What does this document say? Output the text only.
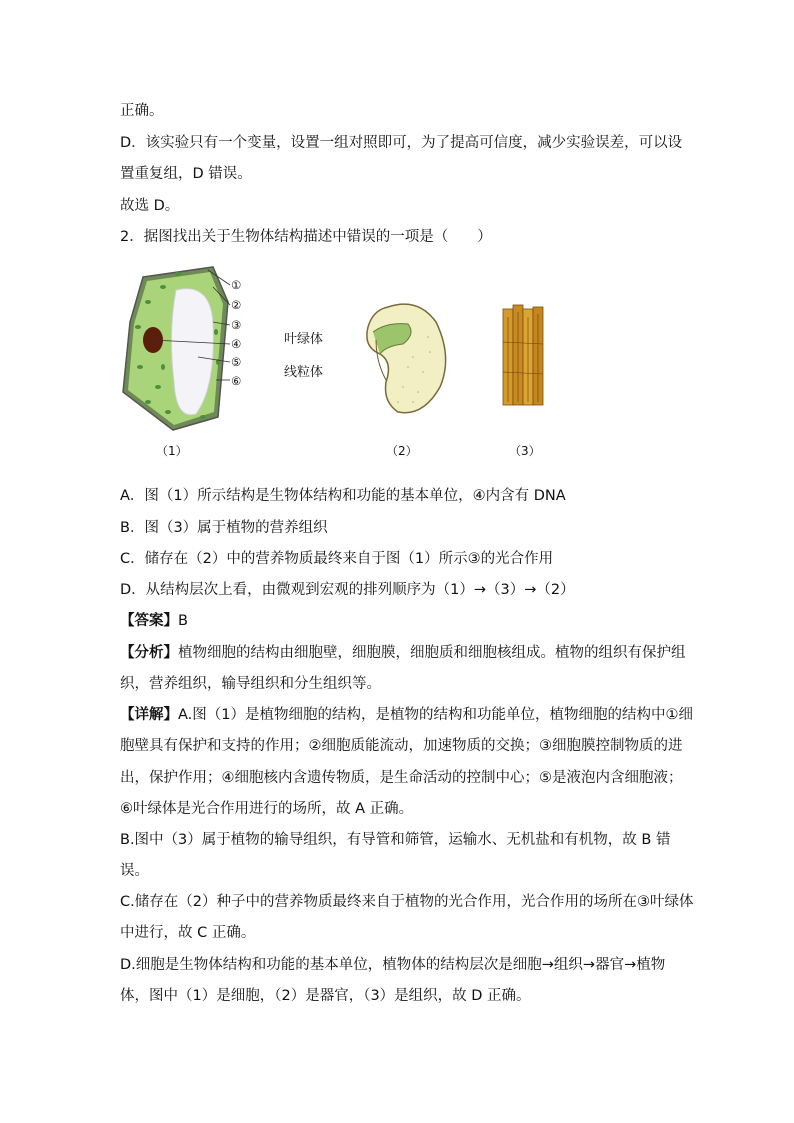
正确。
D．该实验只有一个变量，设置一组对照即可，为了提高可信度，减少实验误差，可以设
置重复组，D 错误。
故选 D。
2．据图找出关于生物体结构描述中错误的一项是（　　）
①
②
③
④
⑤
⑥
叶绿体
线粒体
（1）	（2）	（3）
A．图（1）所示结构是生物体结构和功能的基本单位，④内含有 DNA
B．图（3）属于植物的营养组织
C．储存在（2）中的营养物质最终来自于图（1）所示③的光合作用
D．从结构层次上看，由微观到宏观的排列顺序为（1）→（3）→（2）
【答案】B
【分析】植物细胞的结构由细胞壁，细胞膜，细胞质和细胞核组成。植物的组织有保护组
织，营养组织，输导组织和分生组织等。
【详解】A.图（1）是植物细胞的结构，是植物的结构和功能单位，植物细胞的结构中①细
胞壁具有保护和支持的作用；②细胞质能流动，加速物质的交换；③细胞膜控制物质的进
出，保护作用；④细胞核内含遗传物质，是生命活动的控制中心；⑤是液泡内含细胞液；
⑥叶绿体是光合作用进行的场所，故 A 正确。
B.图中（3）属于植物的输导组织，有导管和筛管，运输水、无机盐和有机物，故 B 错
误。
C.储存在（2）种子中的营养物质最终来自于植物的光合作用，光合作用的场所在③叶绿体
中进行，故 C 正确。
D.细胞是生物体结构和功能的基本单位，植物体的结构层次是细胞→组织→器官→植物
体，图中（1）是细胞，（2）是器官，（3）是组织，故 D 正确。
